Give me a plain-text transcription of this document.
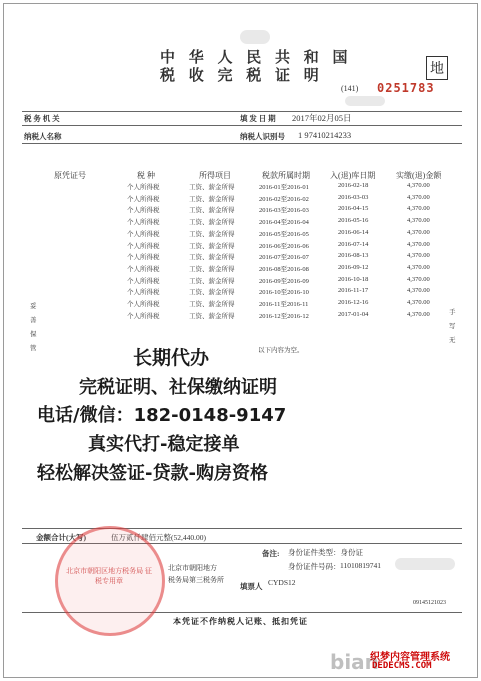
中 华 人 民 共 和 国
税 收 完 税 证 明	地
(141) 0251783
税 务 机 关	填 发 日 期 2017年02月05日
纳税人名称	纳税人识别号 1 97410214233
原凭证号	税 种	所得项目	税款所属时期	入(退)库日期	实缴(退)金额
个人所得税	工资、薪金所得	2016-01至2016-01	2016-02-18	4,370.00
个人所得税	工资、薪金所得	2016-02至2016-02	2016-03-03	4,370.00
个人所得税	工资、薪金所得	2016-03至2016-03	2016-04-15	4,370.00
个人所得税	工资、薪金所得	2016-04至2016-04	2016-05-16	4,370.00
个人所得税	工资、薪金所得	2016-05至2016-05	2016-06-14	4,370.00
个人所得税	工资、薪金所得	2016-06至2016-06	2016-07-14	4,370.00
个人所得税	工资、薪金所得	2016-07至2016-07	2016-08-13	4,370.00
个人所得税	工资、薪金所得	2016-08至2016-08	2016-09-12	4,370.00
个人所得税	工资、薪金所得	2016-09至2016-09	2016-10-18	4,370.00
个人所得税	工资、薪金所得	2016-10至2016-10	2016-11-17	4,370.00
个人所得税	工资、薪金所得	2016-11至2016-11	2016-12-16	4,370.00
个人所得税	工资、薪金所得	2016-12至2016-12	2017-01-04	4,370.00
以下内容为空。
妥善保管
手写无
长期代办
完税证明、社保缴纳证明
电话/微信：182-0148-9147
真实代打-稳定接单
轻松解决签证-贷款-购房资格
金额合计(大写)	伍万贰仟肆佰元整(52,440.00)
备注: 身份证件类型：身份证
身份证件号码： 11010819741
北京市朝阳地方
税务局第三税务所
填票人 CYDS12
09145121023
北京市朝阳区地方税务局 征税专用章
本凭证不作纳税人记账、抵扣凭证
bian
织梦内容管理系统
DEDECMS.COM
